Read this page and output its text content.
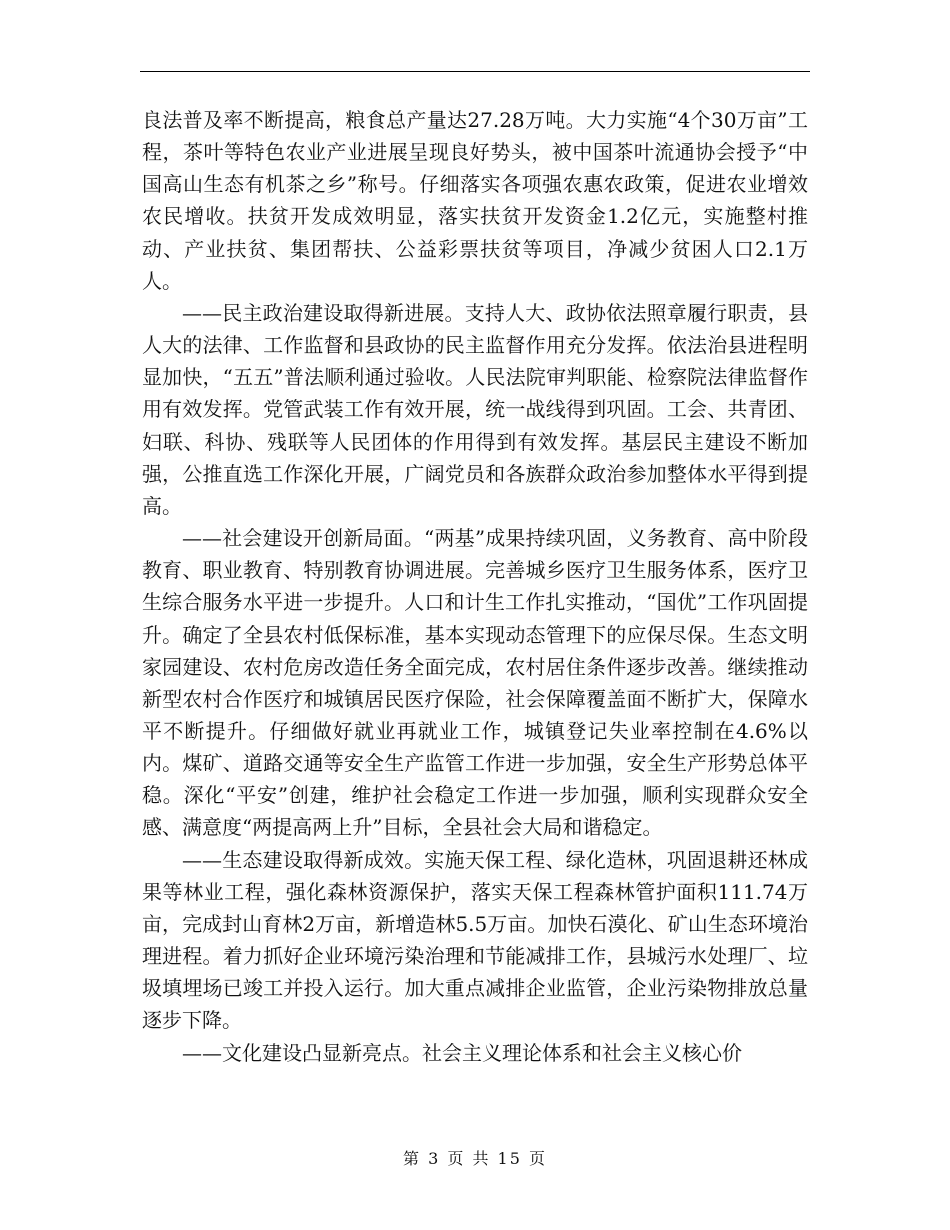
良法普及率不断提高，粮食总产量达27.28万吨。大力实施“4个30万亩”工程，茶叶等特色农业产业进展呈现良好势头，被中国茶叶流通协会授予“中国高山生态有机茶之乡”称号。仔细落实各项强农惠农政策，促进农业增效农民增收。扶贫开发成效明显，落实扶贫开发资金1.2亿元，实施整村推动、产业扶贫、集团帮扶、公益彩票扶贫等项目，净减少贫困人口2.1万人。

——民主政治建设取得新进展。支持人大、政协依法照章履行职责，县人大的法律、工作监督和县政协的民主监督作用充分发挥。依法治县进程明显加快，“五五”普法顺利通过验收。人民法院审判职能、检察院法律监督作用有效发挥。党管武装工作有效开展，统一战线得到巩固。工会、共青团、妇联、科协、残联等人民团体的作用得到有效发挥。基层民主建设不断加强，公推直选工作深化开展，广阔党员和各族群众政治参加整体水平得到提高。

——社会建设开创新局面。“两基”成果持续巩固，义务教育、高中阶段教育、职业教育、特别教育协调进展。完善城乡医疗卫生服务体系，医疗卫生综合服务水平进一步提升。人口和计生工作扎实推动，“国优”工作巩固提升。确定了全县农村低保标准，基本实现动态管理下的应保尽保。生态文明家园建设、农村危房改造任务全面完成，农村居住条件逐步改善。继续推动新型农村合作医疗和城镇居民医疗保险，社会保障覆盖面不断扩大，保障水平不断提升。仔细做好就业再就业工作，城镇登记失业率控制在4.6%以内。煤矿、道路交通等安全生产监管工作进一步加强，安全生产形势总体平稳。深化“平安”创建，维护社会稳定工作进一步加强，顺利实现群众安全感、满意度“两提高两上升”目标，全县社会大局和谐稳定。

——生态建设取得新成效。实施天保工程、绿化造林，巩固退耕还林成果等林业工程，强化森林资源保护，落实天保工程森林管护面积111.74万亩，完成封山育林2万亩，新增造林5.5万亩。加快石漠化、矿山生态环境治理进程。着力抓好企业环境污染治理和节能减排工作，县城污水处理厂、垃圾填埋场已竣工并投入运行。加大重点减排企业监管，企业污染物排放总量逐步下降。

——文化建设凸显新亮点。社会主义理论体系和社会主义核心价

第 3 页 共 15 页
